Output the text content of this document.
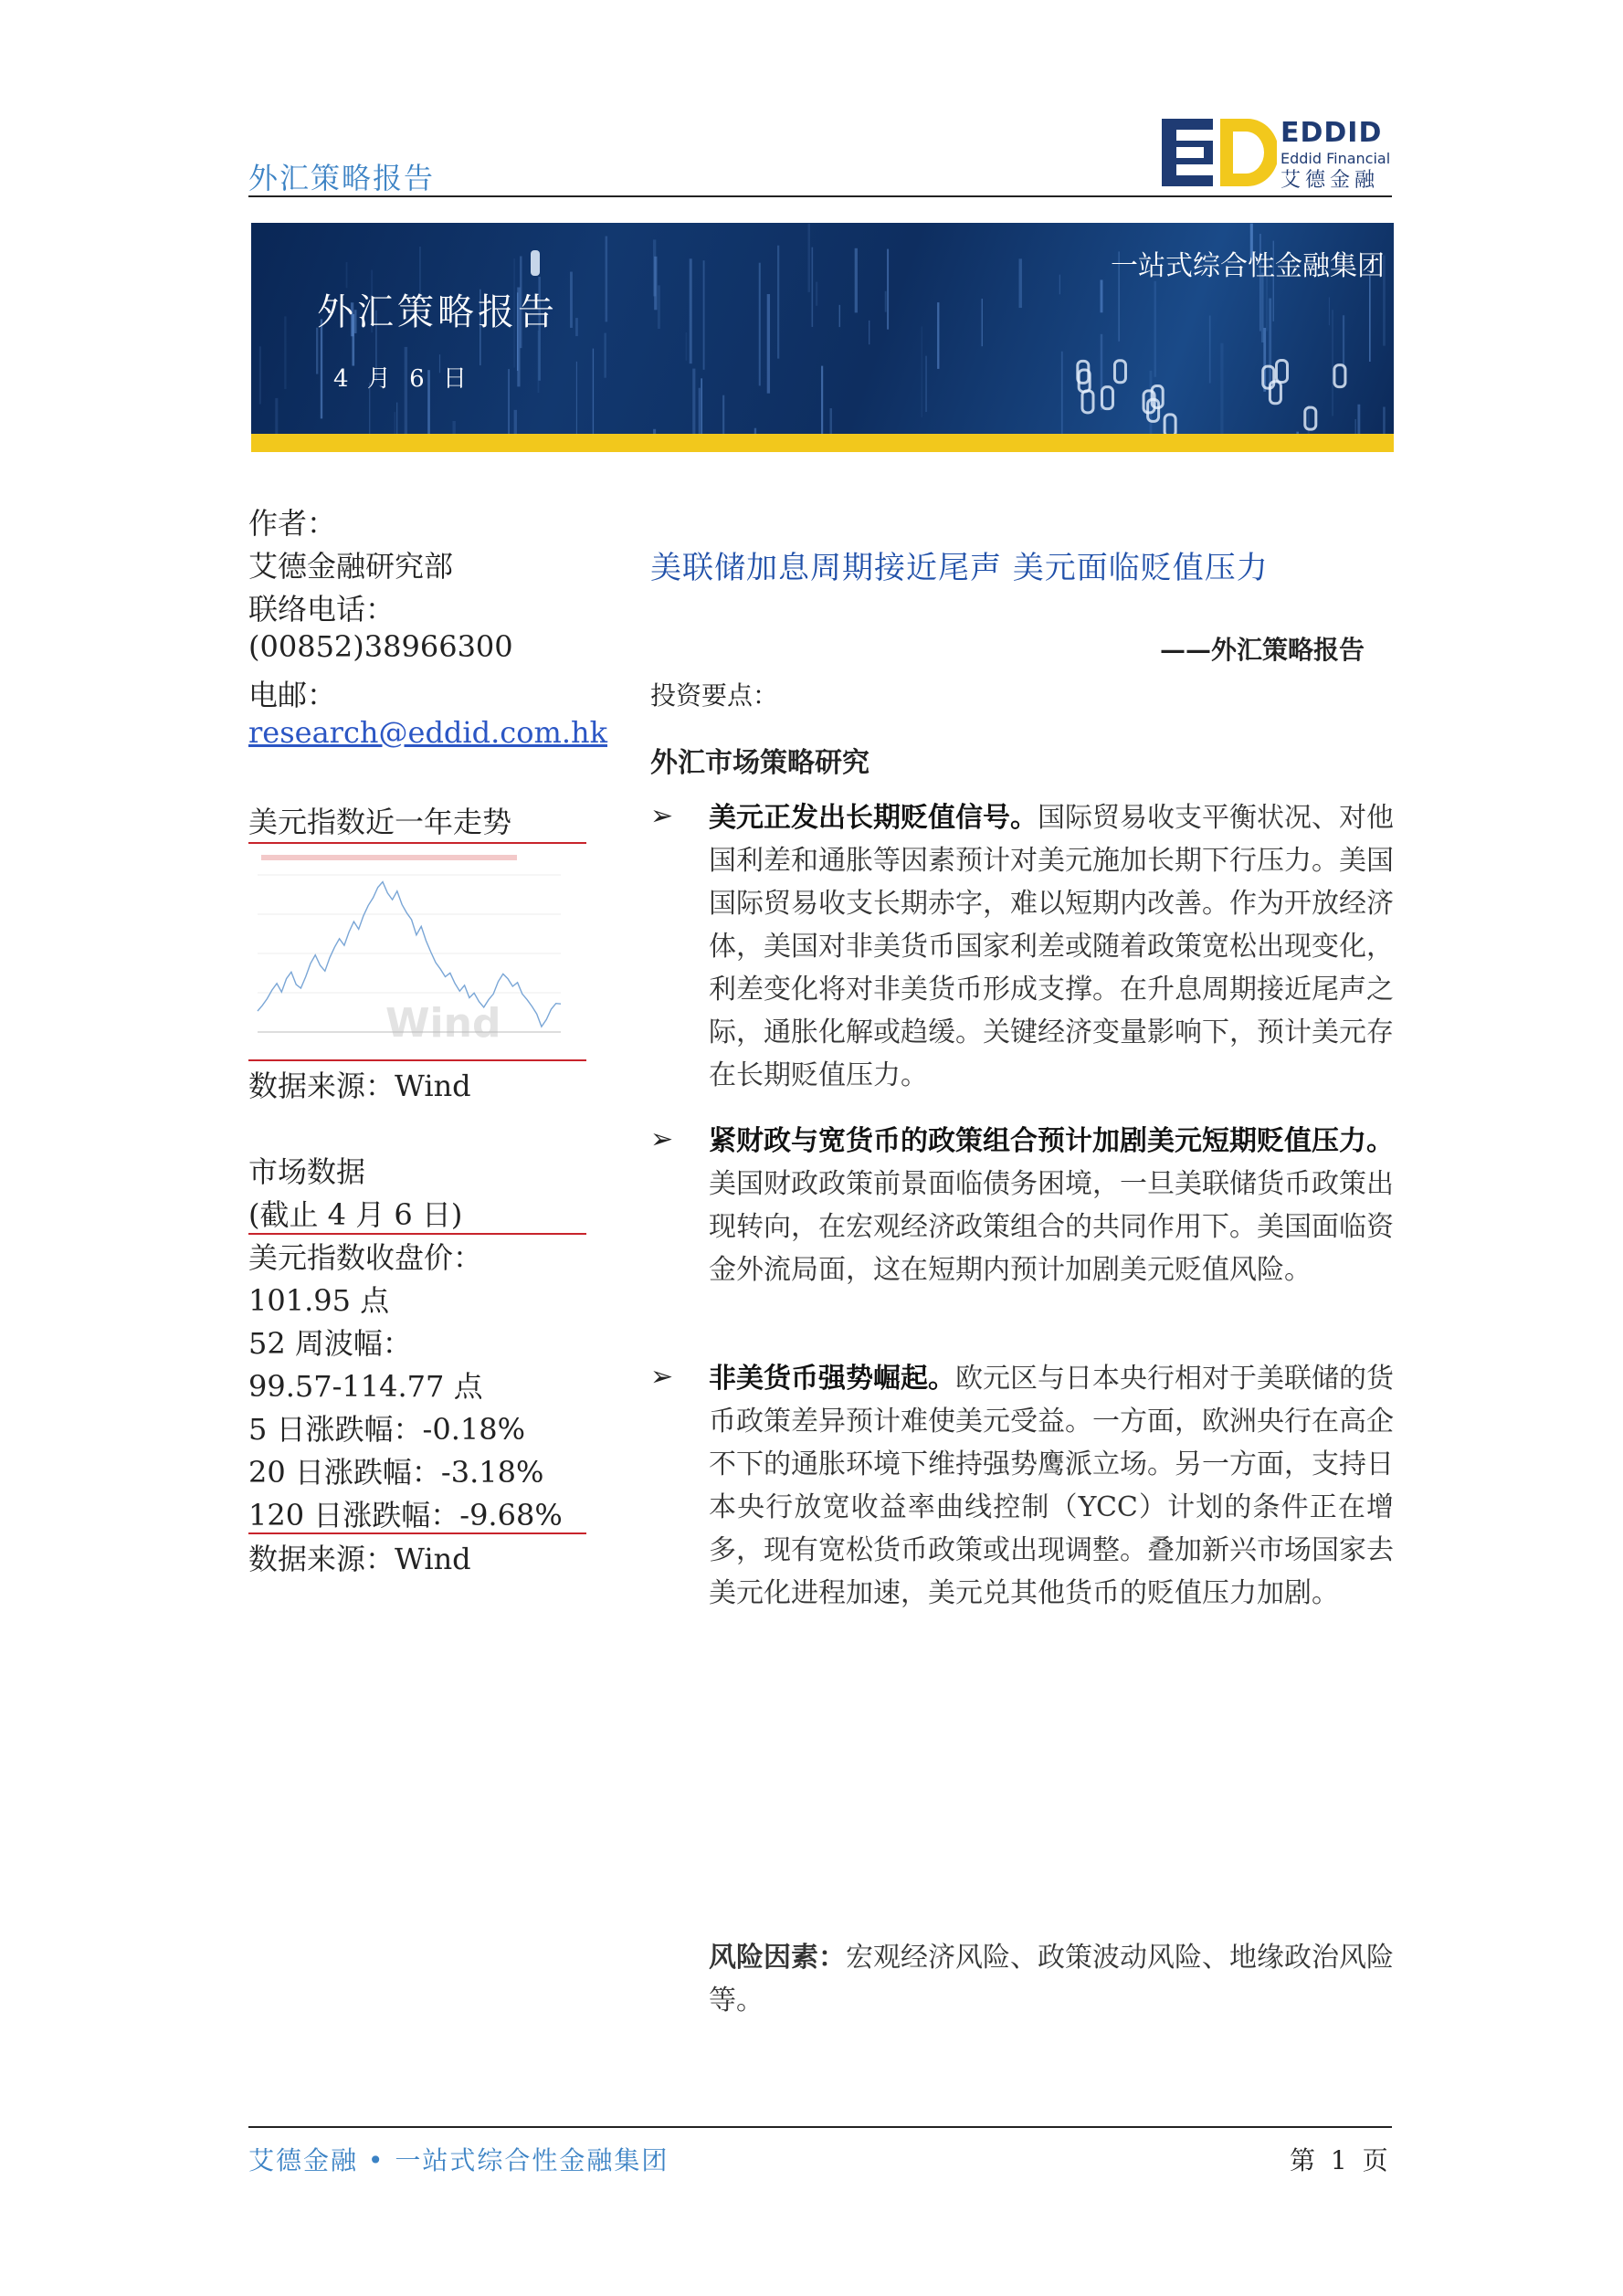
外汇策略报告
EDDID
Eddid Financial
艾德金融
外汇策略报告
4 月 6 日
一站式综合性金融集团
作者：
艾德金融研究部
联络电话：
(00852)38966300
电邮：
research@eddid.com.hk
美元指数近一年走势
Wind
数据来源：Wind
市场数据
(截止 4 月 6 日)
美元指数收盘价：
101.95 点
52 周波幅：
99.57-114.77 点
5 日涨跌幅：-0.18%
20 日涨跌幅：-3.18%
120 日涨跌幅：-9.68%
数据来源：Wind
美联储加息周期接近尾声 美元面临贬值压力
——外汇策略报告
投资要点：
外汇市场策略研究
➢ 美元正发出长期贬值信号。国际贸易收支平衡状况、对他国利差和通胀等因素预计对美元施加长期下行压力。美国国际贸易收支长期赤字，难以短期内改善。作为开放经济体，美国对非美货币国家利差或随着政策宽松出现变化，利差变化将对非美货币形成支撑。在升息周期接近尾声之际，通胀化解或趋缓。关键经济变量影响下，预计美元存在长期贬值压力。
➢ 紧财政与宽货币的政策组合预计加剧美元短期贬值压力。美国财政政策前景面临债务困境，一旦美联储货币政策出现转向，在宏观经济政策组合的共同作用下。美国面临资金外流局面，这在短期内预计加剧美元贬值风险。
➢ 非美货币强势崛起。欧元区与日本央行相对于美联储的货币政策差异预计难使美元受益。一方面，欧洲央行在高企不下的通胀环境下维持强势鹰派立场。另一方面，支持日本央行放宽收益率曲线控制（YCC）计划的条件正在增多，现有宽松货币政策或出现调整。叠加新兴市场国家去美元化进程加速，美元兑其他货币的贬值压力加剧。
风险因素：宏观经济风险、政策波动风险、地缘政治风险等。
艾德金融 • 一站式综合性金融集团	第 1 页
